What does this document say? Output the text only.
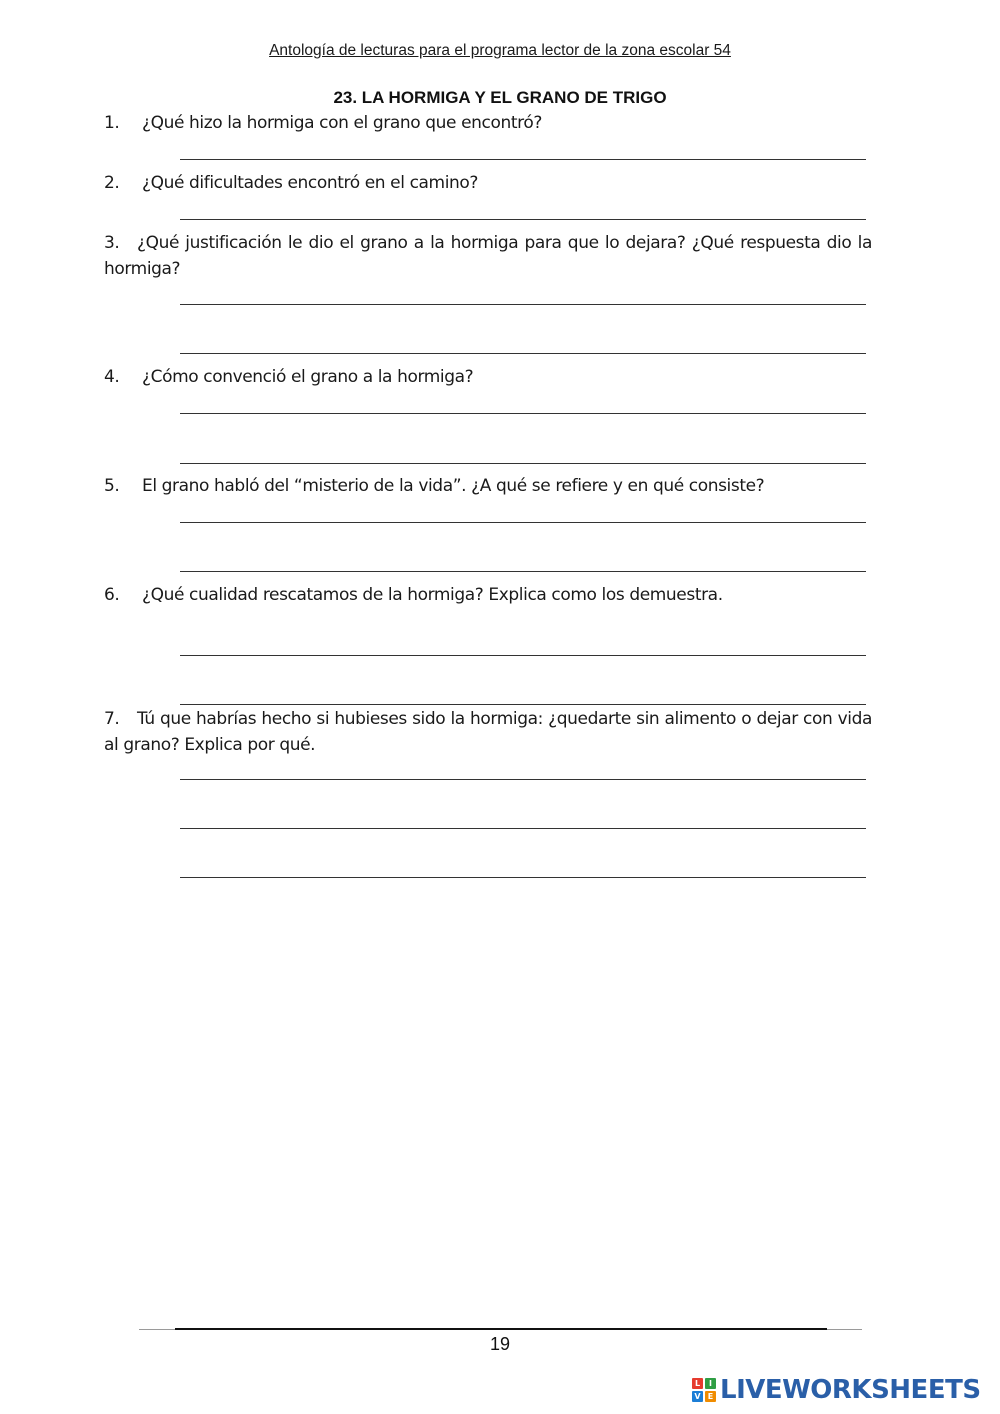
Antología de lecturas para el programa lector de la zona escolar 54
23. LA HORMIGA Y EL GRANO DE TRIGO
1. ¿Qué hizo la hormiga con el grano que encontró?
2. ¿Qué dificultades encontró en el camino?
3. ¿Qué justificación le dio el grano a la hormiga para que lo dejara? ¿Qué respuesta dio la hormiga?
4. ¿Cómo convenció el grano a la hormiga?
5. El grano habló del “misterio de la vida”. ¿A qué se refiere y en qué consiste?
6. ¿Qué cualidad rescatamos de la hormiga? Explica como los demuestra.
7. Tú que habrías hecho si hubieses sido la hormiga: ¿quedarte sin alimento o dejar con vida al grano? Explica por qué.
19
L	I
V E LIVEWORKSHEETS
